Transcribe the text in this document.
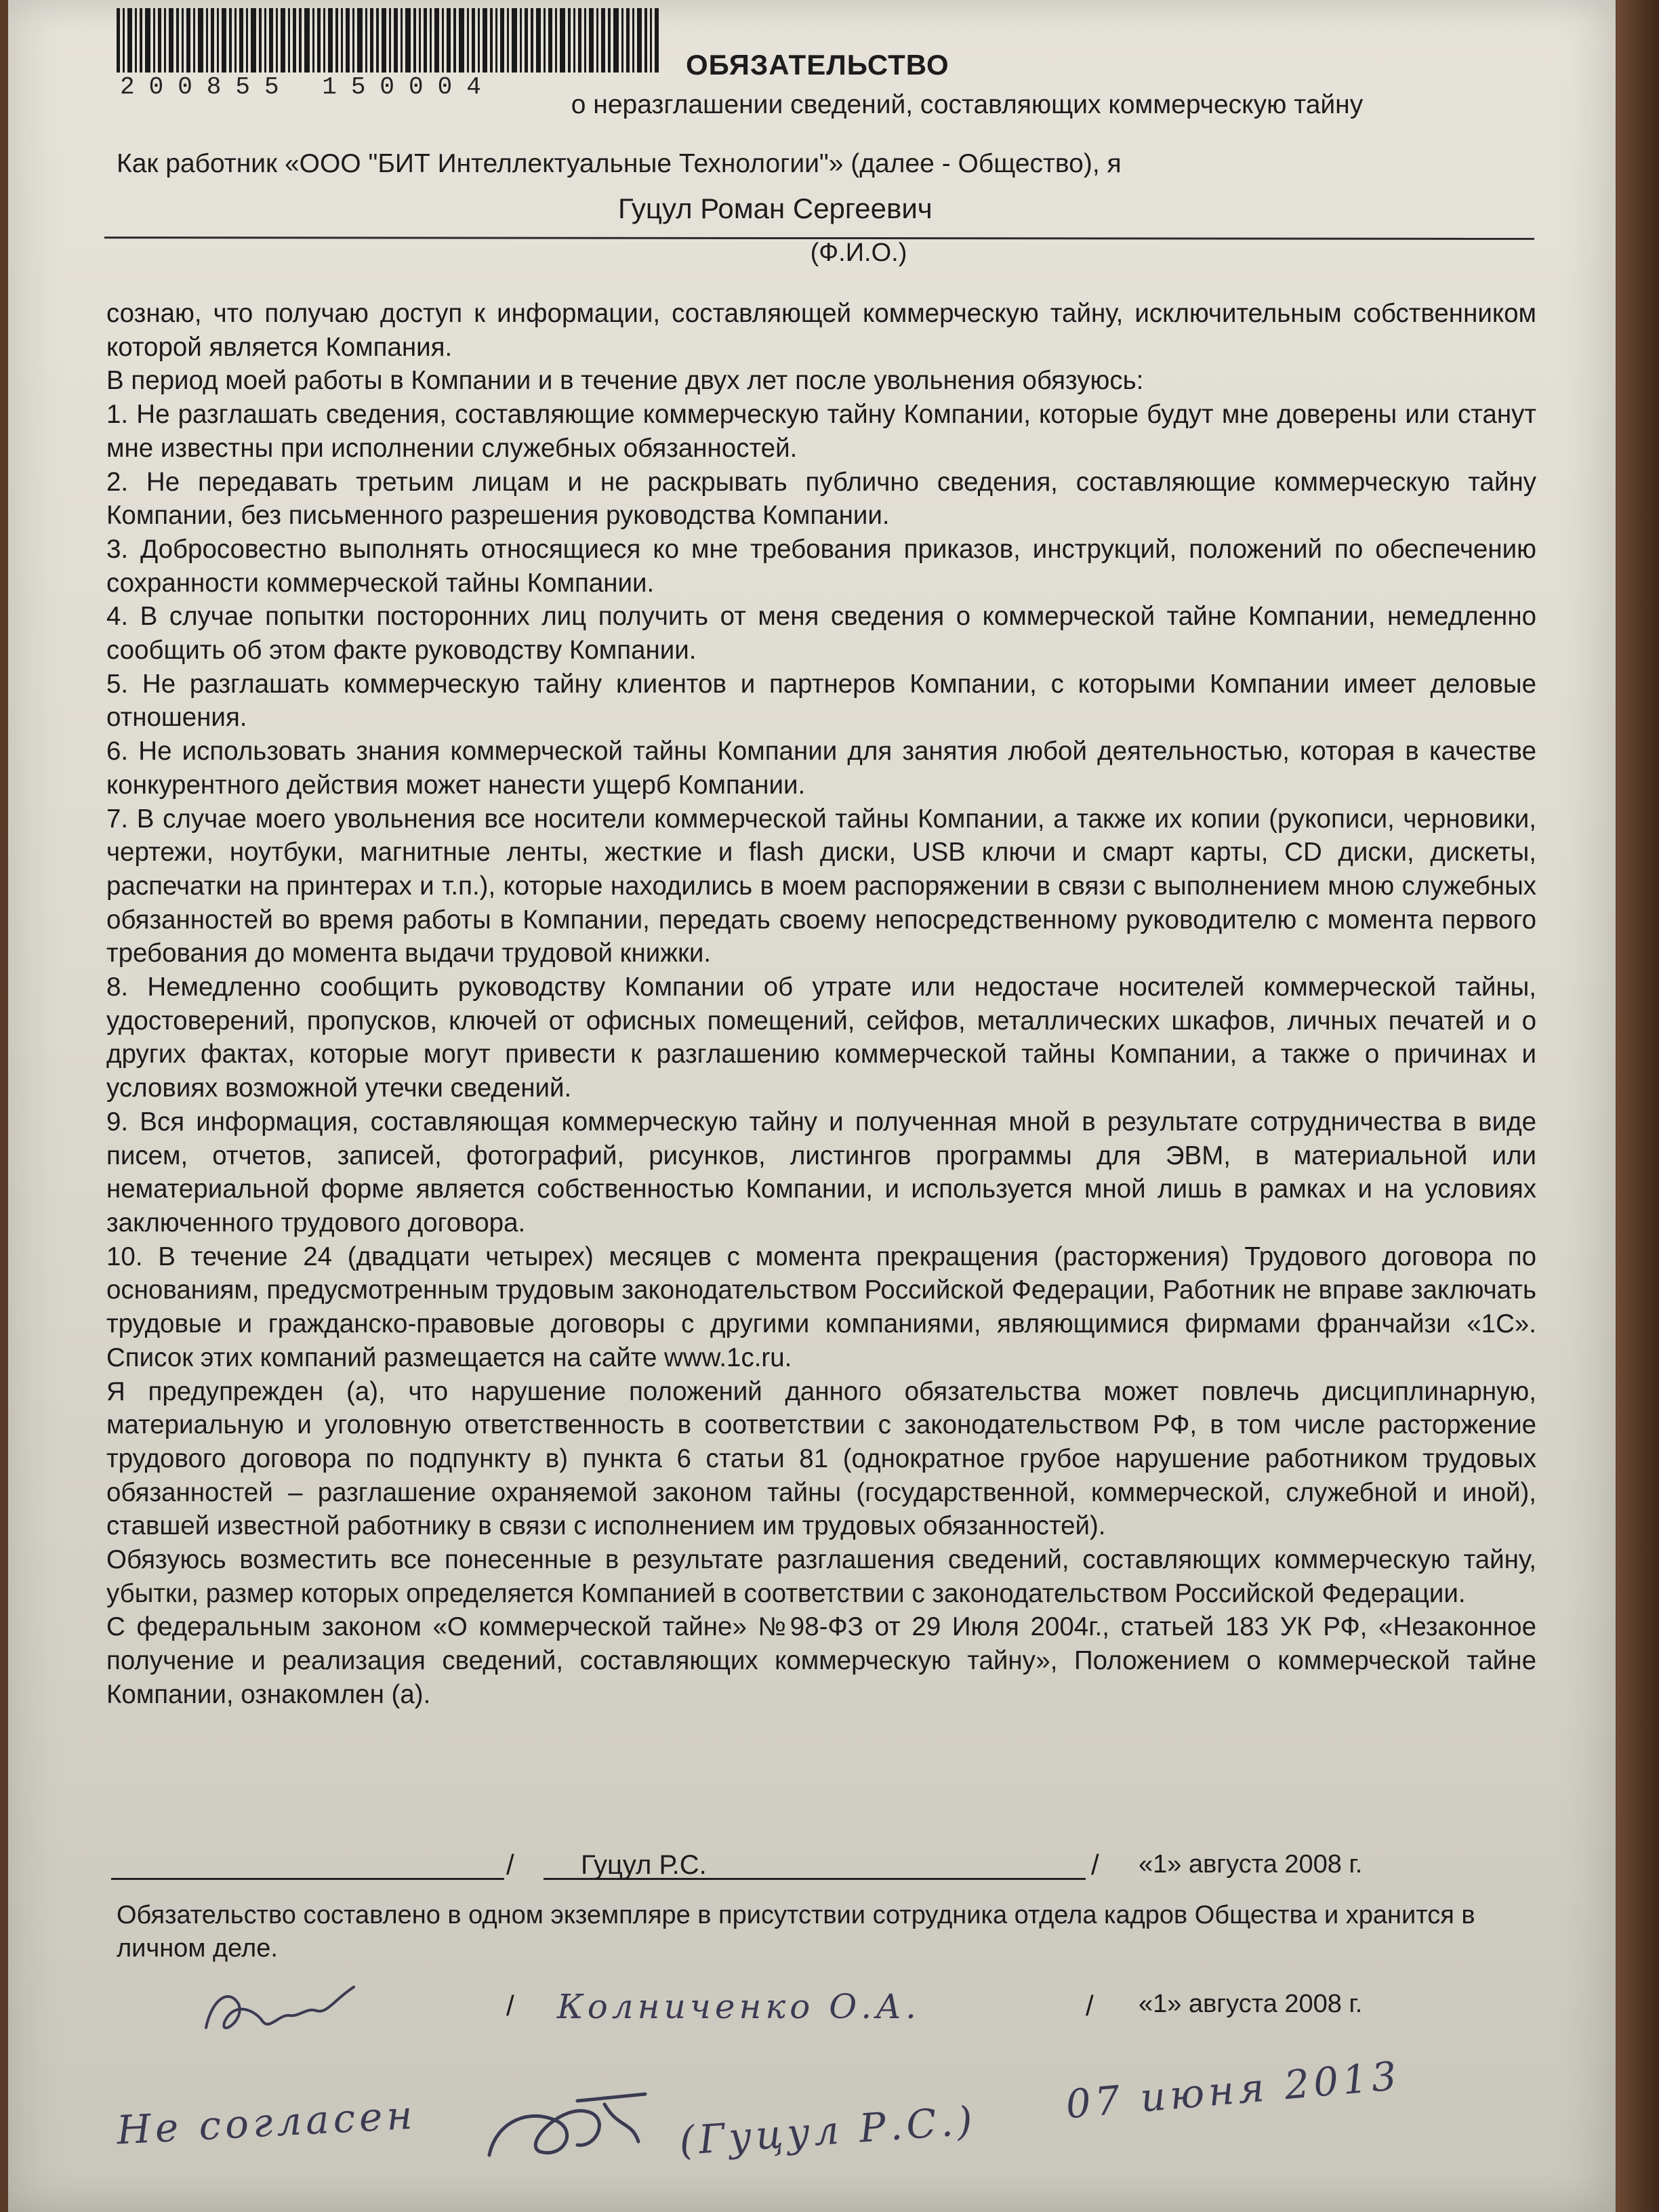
200855 150004
ОБЯЗАТЕЛЬСТВО
о неразглашении сведений, составляющих коммерческую тайну
Как работник «ООО "БИТ Интеллектуальные Технологии"» (далее - Общество), я
Гуцул Роман Сергеевич
(Ф.И.О.)

сознаю, что получаю доступ к информации, составляющей коммерческую тайну, исключительным собственником которой является Компания.

В период моей работы в Компании и в течение двух лет после увольнения обязуюсь:

1. Не разглашать сведения, составляющие коммерческую тайну Компании, которые будут мне доверены или станут мне известны при исполнении служебных обязанностей.

2. Не передавать третьим лицам и не раскрывать публично сведения, составляющие коммерческую тайну Компании, без письменного разрешения руководства Компании.

3. Добросовестно выполнять относящиеся ко мне требования приказов, инструкций, положений по обеспечению сохранности коммерческой тайны Компании.

4. В случае попытки посторонних лиц получить от меня сведения о коммерческой тайне Компании, немедленно сообщить об этом факте руководству Компании.

5. Не разглашать коммерческую тайну клиентов и партнеров Компании, с которыми Компании имеет деловые отношения.

6. Не использовать знания коммерческой тайны Компании для занятия любой деятельностью, которая в качестве конкурентного действия может нанести ущерб Компании.

7. В случае моего увольнения все носители коммерческой тайны Компании, а также их копии (рукописи, черновики, чертежи, ноутбуки, магнитные ленты, жесткие и flash диски, USB ключи и смарт карты, CD диски, дискеты, распечатки на принтерах и т.п.), которые находились в моем распоряжении в связи с выполнением мною служебных обязанностей во время работы в Компании, передать своему непосредственному руководителю с момента первого требования до момента выдачи трудовой книжки.

8. Немедленно сообщить руководству Компании об утрате или недостаче носителей коммерческой тайны, удостоверений, пропусков, ключей от офисных помещений, сейфов, металлических шкафов, личных печатей и о других фактах, которые могут привести к разглашению коммерческой тайны Компании, а также о причинах и условиях возможной утечки сведений.

9. Вся информация, составляющая коммерческую тайну и полученная мной в результате сотрудничества в виде писем, отчетов, записей, фотографий, рисунков, листингов программы для ЭВМ, в материальной или нематериальной форме является собственностью Компании, и используется мной лишь в рамках и на условиях заключенного трудового договора.

10. В течение 24 (двадцати четырех) месяцев с момента прекращения (расторжения) Трудового договора по основаниям, предусмотренным трудовым законодательством Российской Федерации, Работник не вправе заключать трудовые и гражданско-правовые договоры с другими компаниями, являющимися фирмами франчайзи «1С». Список этих компаний размещается на сайте www.1c.ru.

Я предупрежден (а), что нарушение положений данного обязательства может повлечь дисциплинарную, материальную и уголовную ответственность в соответствии с законодательством РФ, в том числе расторжение трудового договора по подпункту в) пункта 6 статьи 81 (однократное грубое нарушение работником трудовых обязанностей – разглашение охраняемой законом тайны (государственной, коммерческой, служебной и иной), ставшей известной работнику в связи с исполнением им трудовых обязанностей).

Обязуюсь возместить все понесенные в результате разглашения сведений, составляющих коммерческую тайну, убытки, размер которых определяется Компанией в соответствии с законодательством Российской Федерации.

С федеральным законом «О коммерческой тайне» №98-ФЗ от 29 Июля 2004г., статьей 183 УК РФ, «Незаконное получение и реализация сведений, составляющих коммерческую тайну», Положением о коммерческой тайне Компании, ознакомлен (а).

/ Гуцул Р.С.	/ «1» августа 2008 г.
Обязательство составлено в одном экземпляре в присутствии сотрудника отдела кадров Общества и хранится в личном деле.
/ Колниченко О.А.	/ «1» августа 2008 г.
Не согласен	(Гуцул Р.С.)
07 июня 2013
